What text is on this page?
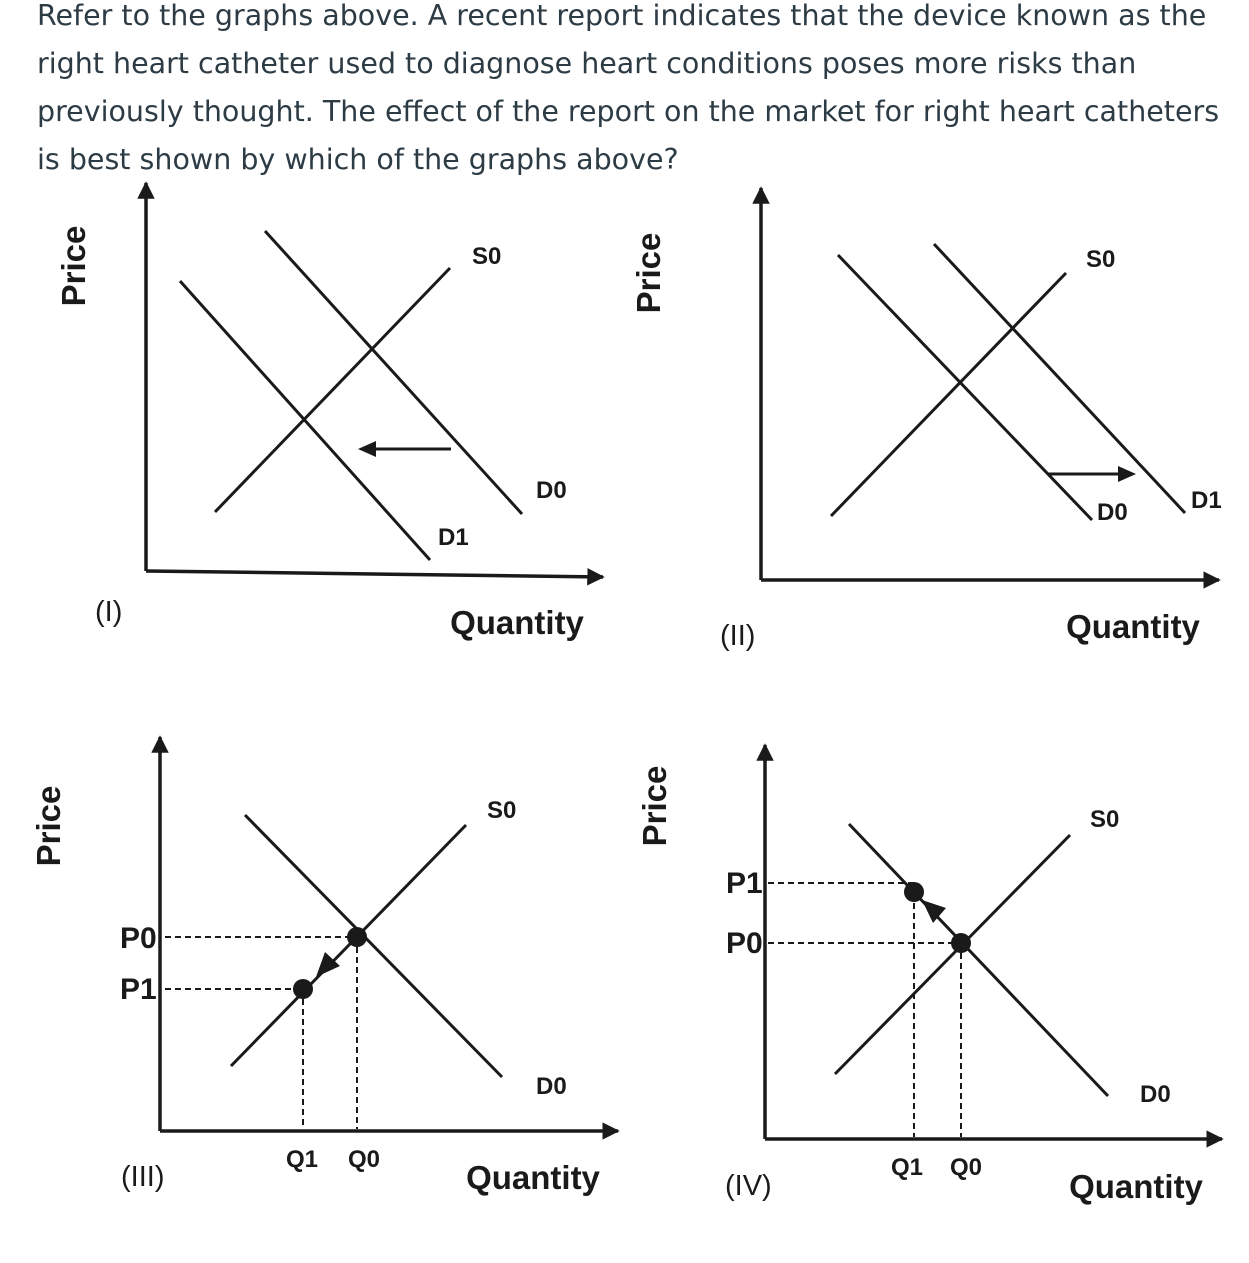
Refer to the graphs above. A recent report indicates that the device known as the right heart catheter used to diagnose heart conditions poses more risks than previously thought. The effect of the report on the market for right heart catheters is best shown by which of the graphs above?

Price
Quantity
S0
D0
D1
(I)
Price
Quantity
S0
D0	D1
(II)
Price
Quantity
S0
D0
P0
P1
Q1 Q0
(III)
Price
Quantity
S0
D0
P1
P0
Q1 Q0
(IV)
